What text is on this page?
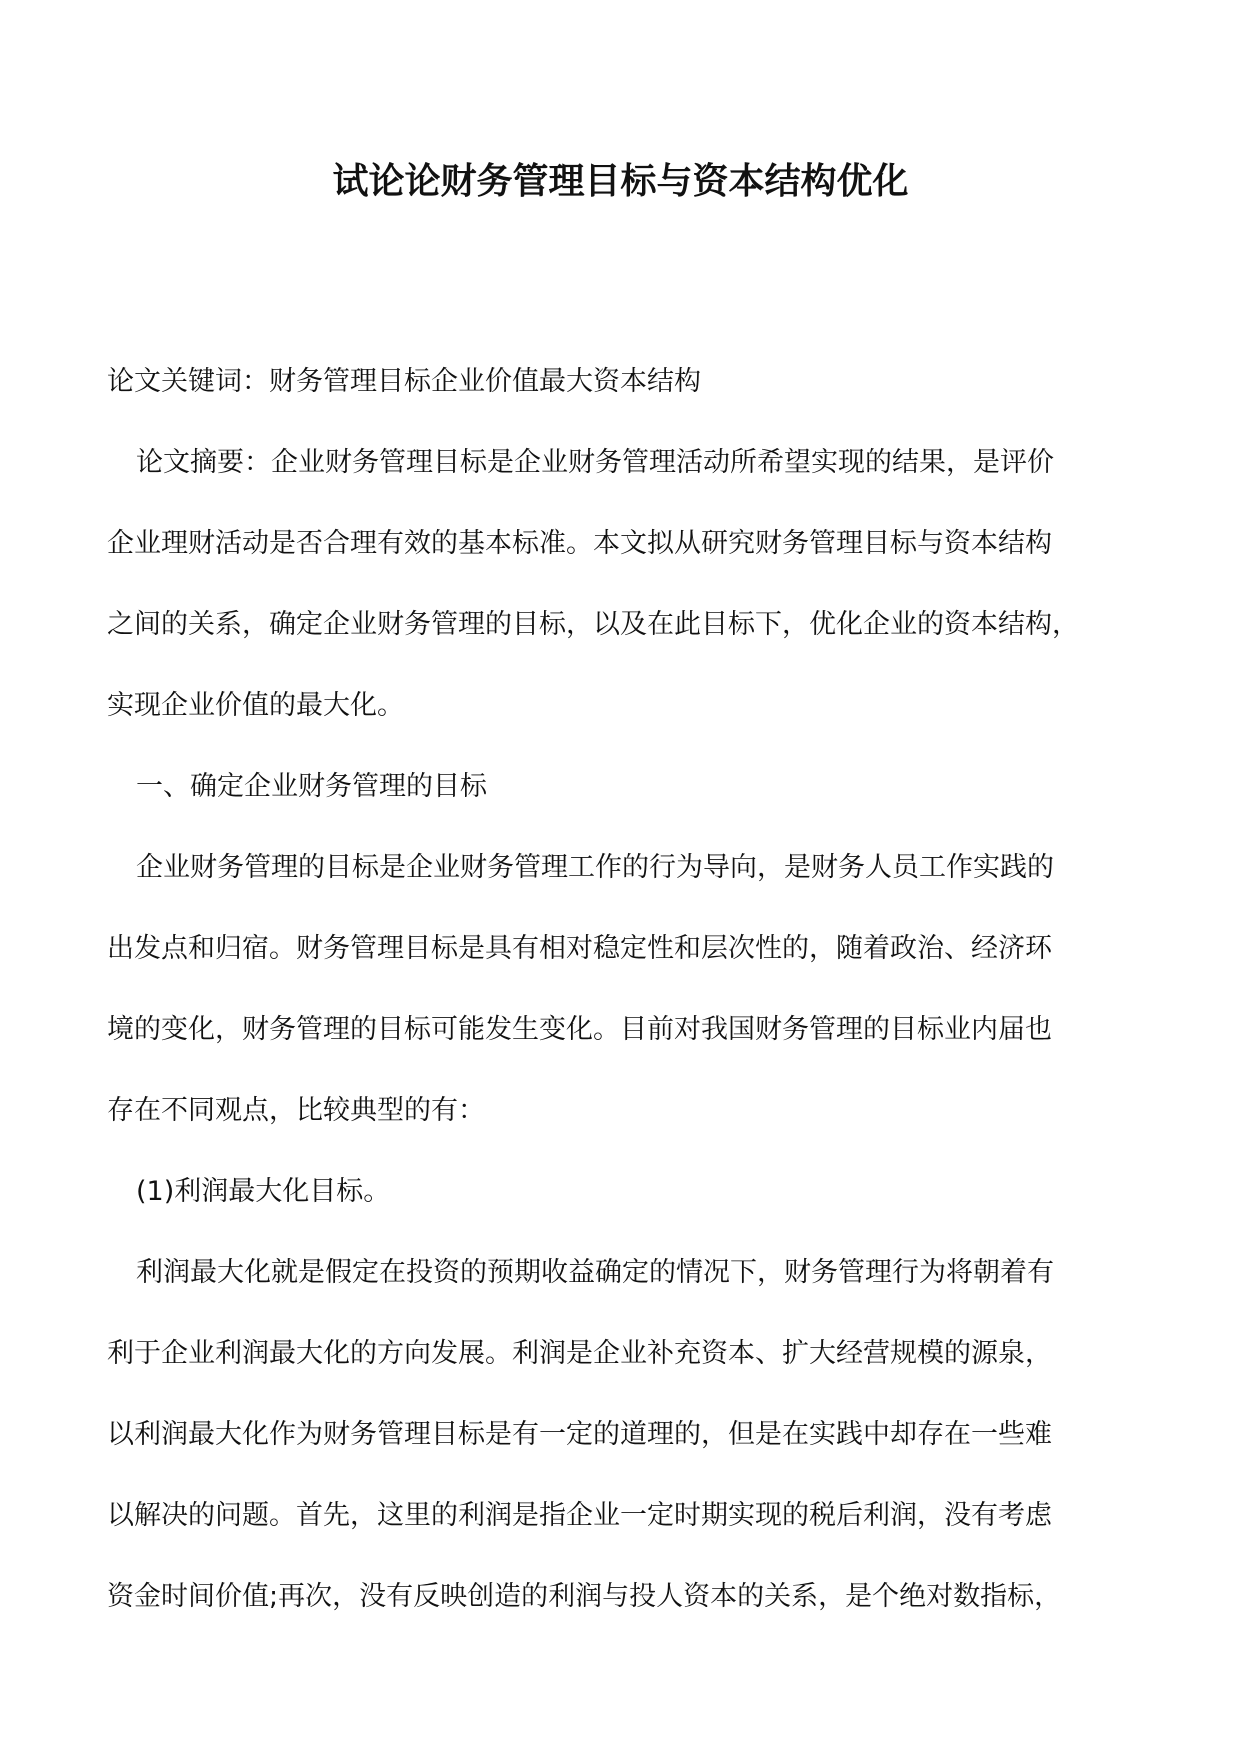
试论论财务管理目标与资本结构优化

论文关键词：财务管理目标企业价值最大资本结构

论文摘要：企业财务管理目标是企业财务管理活动所希望实现的结果，是评价

企业理财活动是否合理有效的基本标准。本文拟从研究财务管理目标与资本结构

之间的关系，确定企业财务管理的目标，以及在此目标下，优化企业的资本结构，

实现企业价值的最大化。

一、确定企业财务管理的目标

企业财务管理的目标是企业财务管理工作的行为导向，是财务人员工作实践的

出发点和归宿。财务管理目标是具有相对稳定性和层次性的，随着政治、经济环

境的变化，财务管理的目标可能发生变化。目前对我国财务管理的目标业内届也

存在不同观点，比较典型的有：

(1)利润最大化目标。

利润最大化就是假定在投资的预期收益确定的情况下，财务管理行为将朝着有

利于企业利润最大化的方向发展。利润是企业补充资本、扩大经营规模的源泉，

以利润最大化作为财务管理目标是有一定的道理的，但是在实践中却存在一些难

以解决的问题。首先，这里的利润是指企业一定时期实现的税后利润，没有考虑

资金时间价值;再次，没有反映创造的利润与投人资本的关系，是个绝对数指标，
